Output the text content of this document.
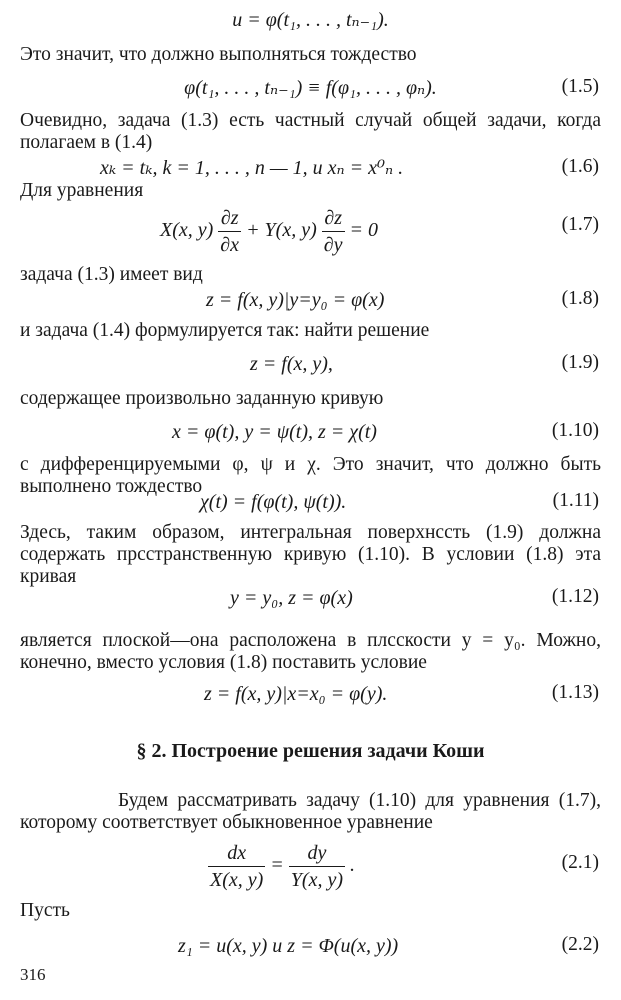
u = φ(t₁, . . . , tₙ₋₁).
Это значит, что должно выполняться тождество
φ(t₁, . . . , tₙ₋₁) ≡ f(φ₁, . . . , φₙ).	(1.5)
Очевидно, задача (1.3) есть частный случай общей задачи, когда
полагаем в (1.4)
xₖ = tₖ, k = 1, . . . , n — 1, и xₙ = x⁰ₙ .	(1.6)
Для уравнения
X(x, $y) \frac{\partial z}{\partial x} + Y(x$, $y) \frac{\partial z}{\partial y} = 0$	(1.7)
задача (1.3) имеет вид
z = f(x, y)|y=y₀ = φ(x)	(1.8)
и задача (1.4) формулируется так: найти решение
z = f(x, y),	(1.9)
содержащее произвольно заданную кривую
x = φ(t), y = ψ(t), z = χ(t)	(1.10)
с дифференцируемыми φ, ψ и χ. Это значит, что должно быть
выполнено тождество
χ(t) = f(φ(t), ψ(t)).	(1.11)
Здесь, таким образом, интегральная поверхнссть (1.9) должна
содержать прсстранственную кривую (1.10). В условии (1.8) эта
кривая
y = y₀, z = φ(x)	(1.12)
является плоской—она расположена в плсскости y = y₀. Можно,
конечно, вместо условия (1.8) поставить условие
z = f(x, y)|x=x₀ = φ(y).	(1.13)
§ 2. Построение решения задачи Коши
Будем рассматривать задачу (1.10) для уравнения (1.7),
которому соответствует обыкновенное уравнение
$\frac{dx}{X(x, y)} = \frac{dy}{Y(x, y)}$ .	(2.1)
Пусть
z₁ = u(x, y) и z = Φ(u(x, y))	(2.2)
316
